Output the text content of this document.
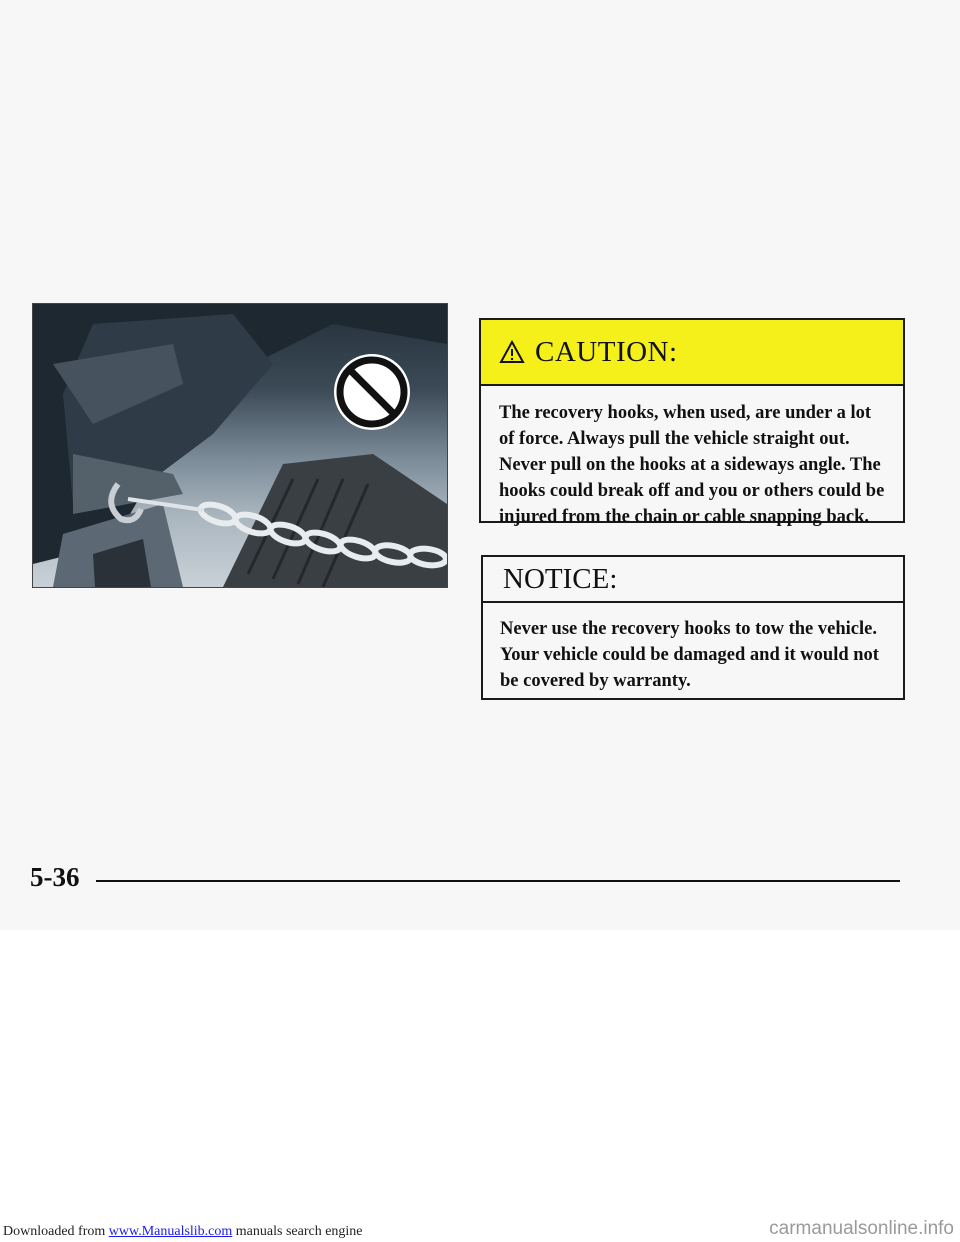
CAUTION:
The recovery hooks, when used, are under a lot of force. Always pull the vehicle straight out. Never pull on the hooks at a sideways angle. The hooks could break off and you or others could be injured from the chain or cable snapping back.
NOTICE:
Never use the recovery hooks to tow the vehicle. Your vehicle could be damaged and it would not be covered by warranty.
5-36
Downloaded from www.Manualslib.com manuals search engine	carmanualsonline.info
